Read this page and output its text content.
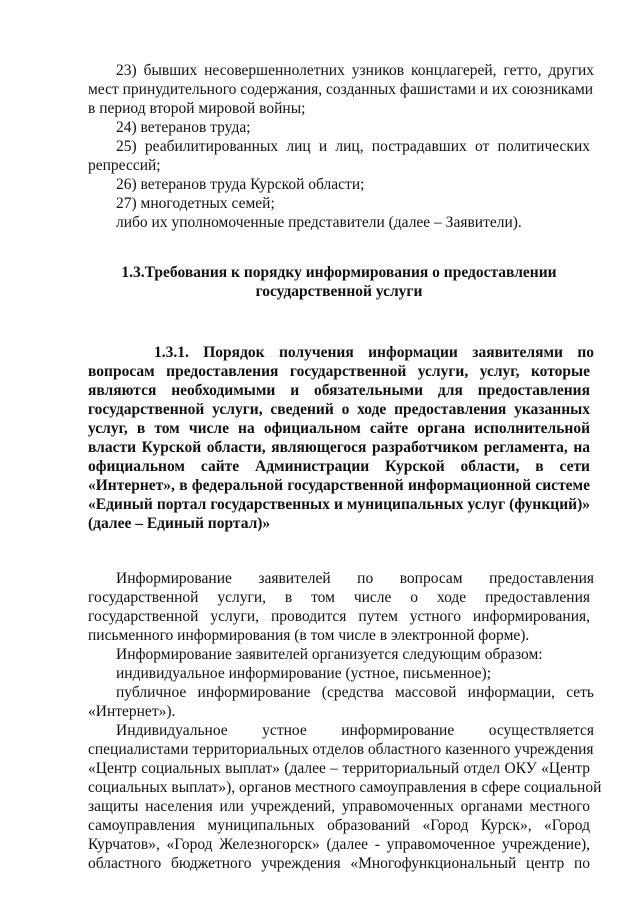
23) бывших несовершеннолетних узников концлагерей, гетто, других
мест принудительного содержания, созданных фашистами и их союзниками
в период второй мировой войны;
24) ветеранов труда;
25) реабилитированных лиц и лиц, пострадавших от политических
репрессий;
26) ветеранов труда Курской области;
27) многодетных семей;
либо их уполномоченные представители (далее – Заявители).
1.3.Требования к порядку информирования о предоставлении
государственной услуги
1.3.1. Порядок получения информации заявителями по
вопросам предоставления государственной услуги, услуг, которые
являются необходимыми и обязательными для предоставления
государственной услуги, сведений о ходе предоставления указанных
услуг, в том числе на официальном сайте органа исполнительной
власти Курской области, являющегося разработчиком регламента, на
официальном сайте Администрации Курской области, в сети
«Интернет», в федеральной государственной информационной системе
«Единый портал государственных и муниципальных услуг (функций)»
(далее – Единый портал)»
Информирование заявителей по вопросам предоставления
государственной услуги, в том числе о ходе предоставления
государственной услуги, проводится путем устного информирования,
письменного информирования (в том числе в электронной форме).
Информирование заявителей организуется следующим образом:
индивидуальное информирование (устное, письменное);
публичное информирование (средства массовой информации, сеть
«Интернет»).
Индивидуальное устное информирование осуществляется
специалистами территориальных отделов областного казенного учреждения
«Центр социальных выплат» (далее – территориальный отдел ОКУ «Центр
социальных выплат»), органов местного самоуправления в сфере социальной
защиты населения или учреждений, управомоченных органами местного
самоуправления муниципальных образований «Город Курск», «Город
Курчатов», «Город Железногорск» (далее - управомоченное учреждение),
областного бюджетного учреждения «Многофункциональный центр по
